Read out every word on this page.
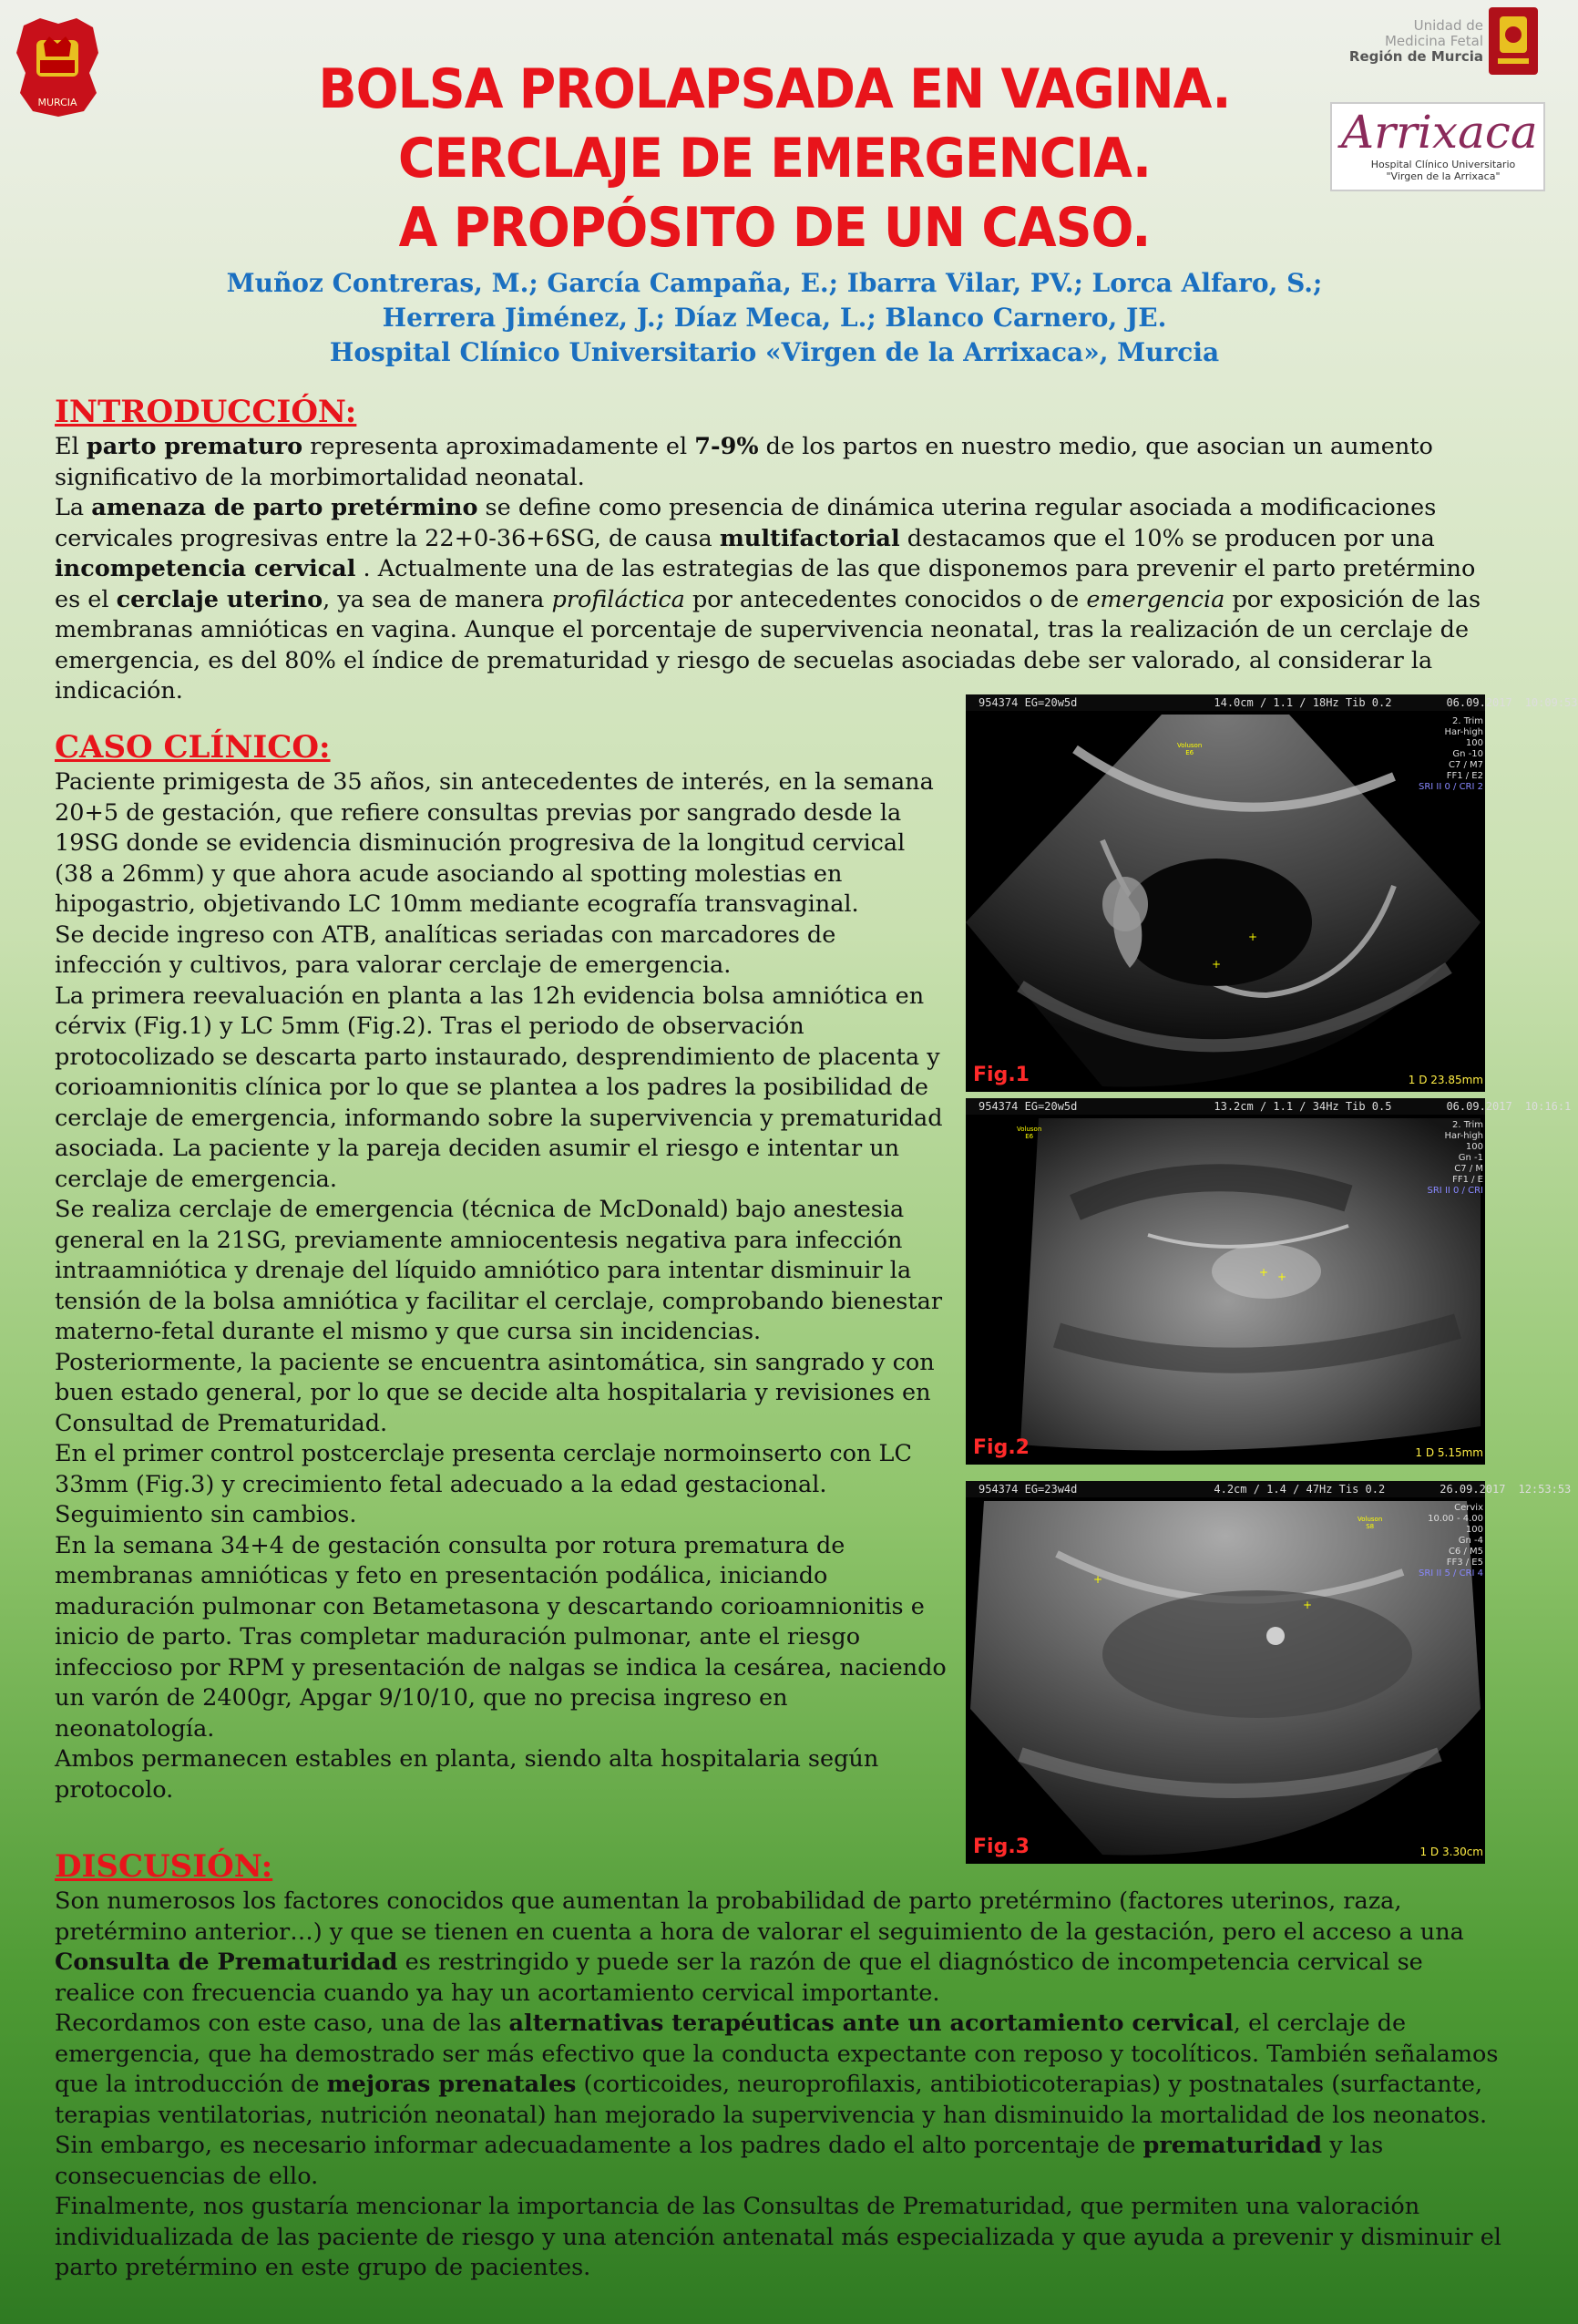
MURCIA
Unidad de
Medicina Fetal
Región de Murcia
Arrixaca
Hospital Clínico Universitario
"Virgen de la Arrixaca"
BOLSA PROLAPSADA EN VAGINA.
CERCLAJE DE EMERGENCIA.
A PROPÓSITO DE UN CASO.
Muñoz Contreras, M.; García Campaña, E.; Ibarra Vilar, PV.; Lorca Alfaro, S.;
Herrera Jiménez, J.; Díaz Meca, L.; Blanco Carnero, JE.
Hospital Clínico Universitario «Virgen de la Arrixaca», Murcia
INTRODUCCIÓN:

El parto prematuro representa aproximadamente el 7-9% de los partos en nuestro medio, que asocian un aumento significativo de la morbimortalidad neonatal.

La amenaza de parto pretérmino se define como presencia de dinámica uterina regular asociada a modificaciones cervicales progresivas entre la 22+0-36+6SG, de causa multifactorial destacamos que el 10% se producen por una incompetencia cervical . Actualmente una de las estrategias de las que disponemos para prevenir el parto pretérmino es el cerclaje uterino, ya sea de manera profiláctica por antecedentes conocidos o de emergencia por exposición de las membranas amnióticas en vagina. Aunque el porcentaje de supervivencia neonatal, tras la realización de un cerclaje de emergencia, es del 80% el índice de prematuridad y riesgo de secuelas asociadas debe ser valorado, al considerar la indicación.

CASO CLÍNICO:

Paciente primigesta de 35 años, sin antecedentes de interés, en la semana 20+5 de gestación, que refiere consultas previas por sangrado desde la 19SG donde se evidencia disminución progresiva de la longitud cervical (38 a 26mm) y que ahora acude asociando al spotting molestias en hipogastrio, objetivando LC 10mm mediante ecografía transvaginal.

Se decide ingreso con ATB, analíticas seriadas con marcadores de infección y cultivos, para valorar cerclaje de emergencia.

La primera reevaluación en planta a las 12h evidencia bolsa amniótica en cérvix (Fig.1) y LC 5mm (Fig.2). Tras el periodo de observación protocolizado se descarta parto instaurado, desprendimiento de placenta y corioamnionitis clínica por lo que se plantea a los padres la posibilidad de cerclaje de emergencia, informando sobre la supervivencia y prematuridad asociada. La paciente y la pareja deciden asumir el riesgo e intentar un cerclaje de emergencia.

Se realiza cerclaje de emergencia (técnica de McDonald) bajo anestesia general en la 21SG, previamente amniocentesis negativa para infección intraamniótica y drenaje del líquido amniótico para intentar disminuir la tensión de la bolsa amniótica y facilitar el cerclaje, comprobando bienestar materno-fetal durante el mismo y que cursa sin incidencias.

Posteriormente, la paciente se encuentra asintomática, sin sangrado y con buen estado general, por lo que se decide alta hospitalaria y revisiones en Consultad de Prematuridad.

En el primer control postcerclaje presenta cerclaje normoinserto con LC 33mm (Fig.3) y crecimiento fetal adecuado a la edad gestacional. Seguimiento sin cambios.

En la semana 34+4 de gestación consulta por rotura prematura de membranas amnióticas y feto en presentación podálica, iniciando maduración pulmonar con Betametasona y descartando corioamnionitis e inicio de parto. Tras completar maduración pulmonar, ante el riesgo infeccioso por RPM y presentación de nalgas se indica la cesárea, naciendo un varón de 2400gr, Apgar 9/10/10, que no precisa ingreso en neonatología.

Ambos permanecen estables en planta, siendo alta hospitalaria según protocolo.

+
+
954374 EG=20w5d	14.0cm / 1.1 / 18Hz Tib 0.2	06.09.2017 10:09:53
Voluson
E6
2. Trim
Har-high
100
Gn -10
C7 / M7
FF1 / E2
SRI II 0 / CRI 2
Fig.1	1 D 23.85mm
+ +
954374 EG=20w5d	13.2cm / 1.1 / 34Hz Tib 0.5	06.09.2017 10:16:1
Voluson
E6
2. Trim
Har-high
100
Gn -1
C7 / M
FF1 / E
SRI II 0 / CRI
Fig.2	1 D 5.15mm
+
+
954374 EG=23w4d	4.2cm / 1.4 / 47Hz Tis 0.2	26.09.2017 12:53:53
Voluson
S8
Cervix
10.00 - 4.00
100
Gn -4
C6 / M5
FF3 / E5
SRI II 5 / CRI 4
Fig.3	1 D 3.30cm
DISCUSIÓN:

Son numerosos los factores conocidos que aumentan la probabilidad de parto pretérmino (factores uterinos, raza, pretérmino anterior…) y que se tienen en cuenta a hora de valorar el seguimiento de la gestación, pero el acceso a una Consulta de Prematuridad es restringido y puede ser la razón de que el diagnóstico de incompetencia cervical se realice con frecuencia cuando ya hay un acortamiento cervical importante.

Recordamos con este caso, una de las alternativas terapéuticas ante un acortamiento cervical, el cerclaje de emergencia, que ha demostrado ser más efectivo que la conducta expectante con reposo y tocolíticos. También señalamos que la introducción de mejoras prenatales (corticoides, neuroprofilaxis, antibioticoterapias) y postnatales (surfactante, terapias ventilatorias, nutrición neonatal) han mejorado la supervivencia y han disminuido la mortalidad de los neonatos. Sin embargo, es necesario informar adecuadamente a los padres dado el alto porcentaje de prematuridad y las consecuencias de ello.

Finalmente, nos gustaría mencionar la importancia de las Consultas de Prematuridad, que permiten una valoración individualizada de las paciente de riesgo y una atención antenatal más especializada y que ayuda a prevenir y disminuir el parto pretérmino en este grupo de pacientes.
